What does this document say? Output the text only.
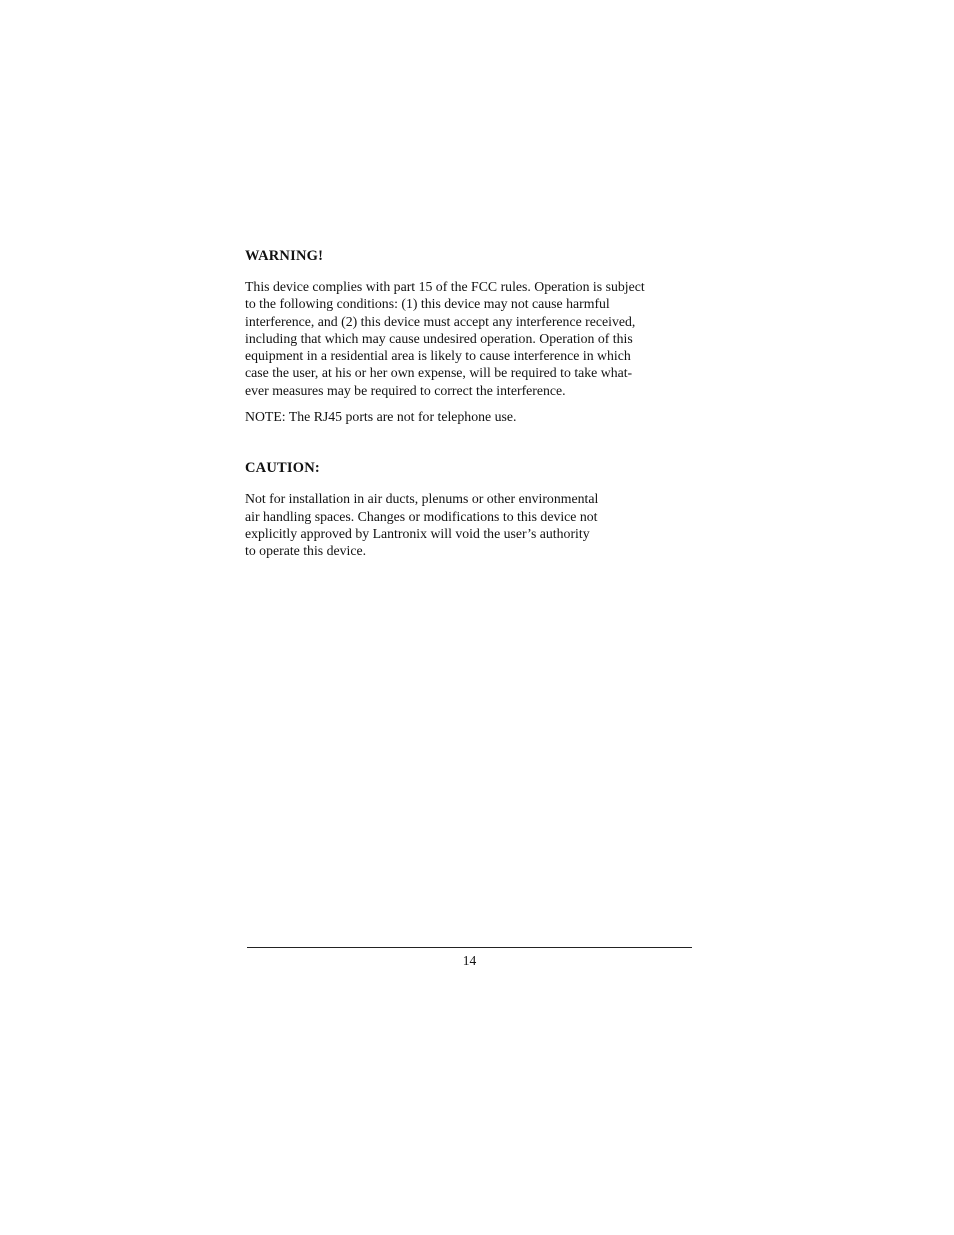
WARNING!

This device complies with part 15 of the FCC rules. Operation is subject
to the following conditions: (1) this device may not cause harmful
interference, and (2) this device must accept any interference received,
including that which may cause undesired operation. Operation of this
equipment in a residential area is likely to cause interference in which
case the user, at his or her own expense, will be required to take what-
ever measures may be required to correct the interference.

NOTE: The RJ45 ports are not for telephone use.

CAUTION:

Not for installation in air ducts, plenums or other environmental
air handling spaces. Changes or modifications to this device not
explicitly approved by Lantronix will void the user’s authority
to operate this device.

14
